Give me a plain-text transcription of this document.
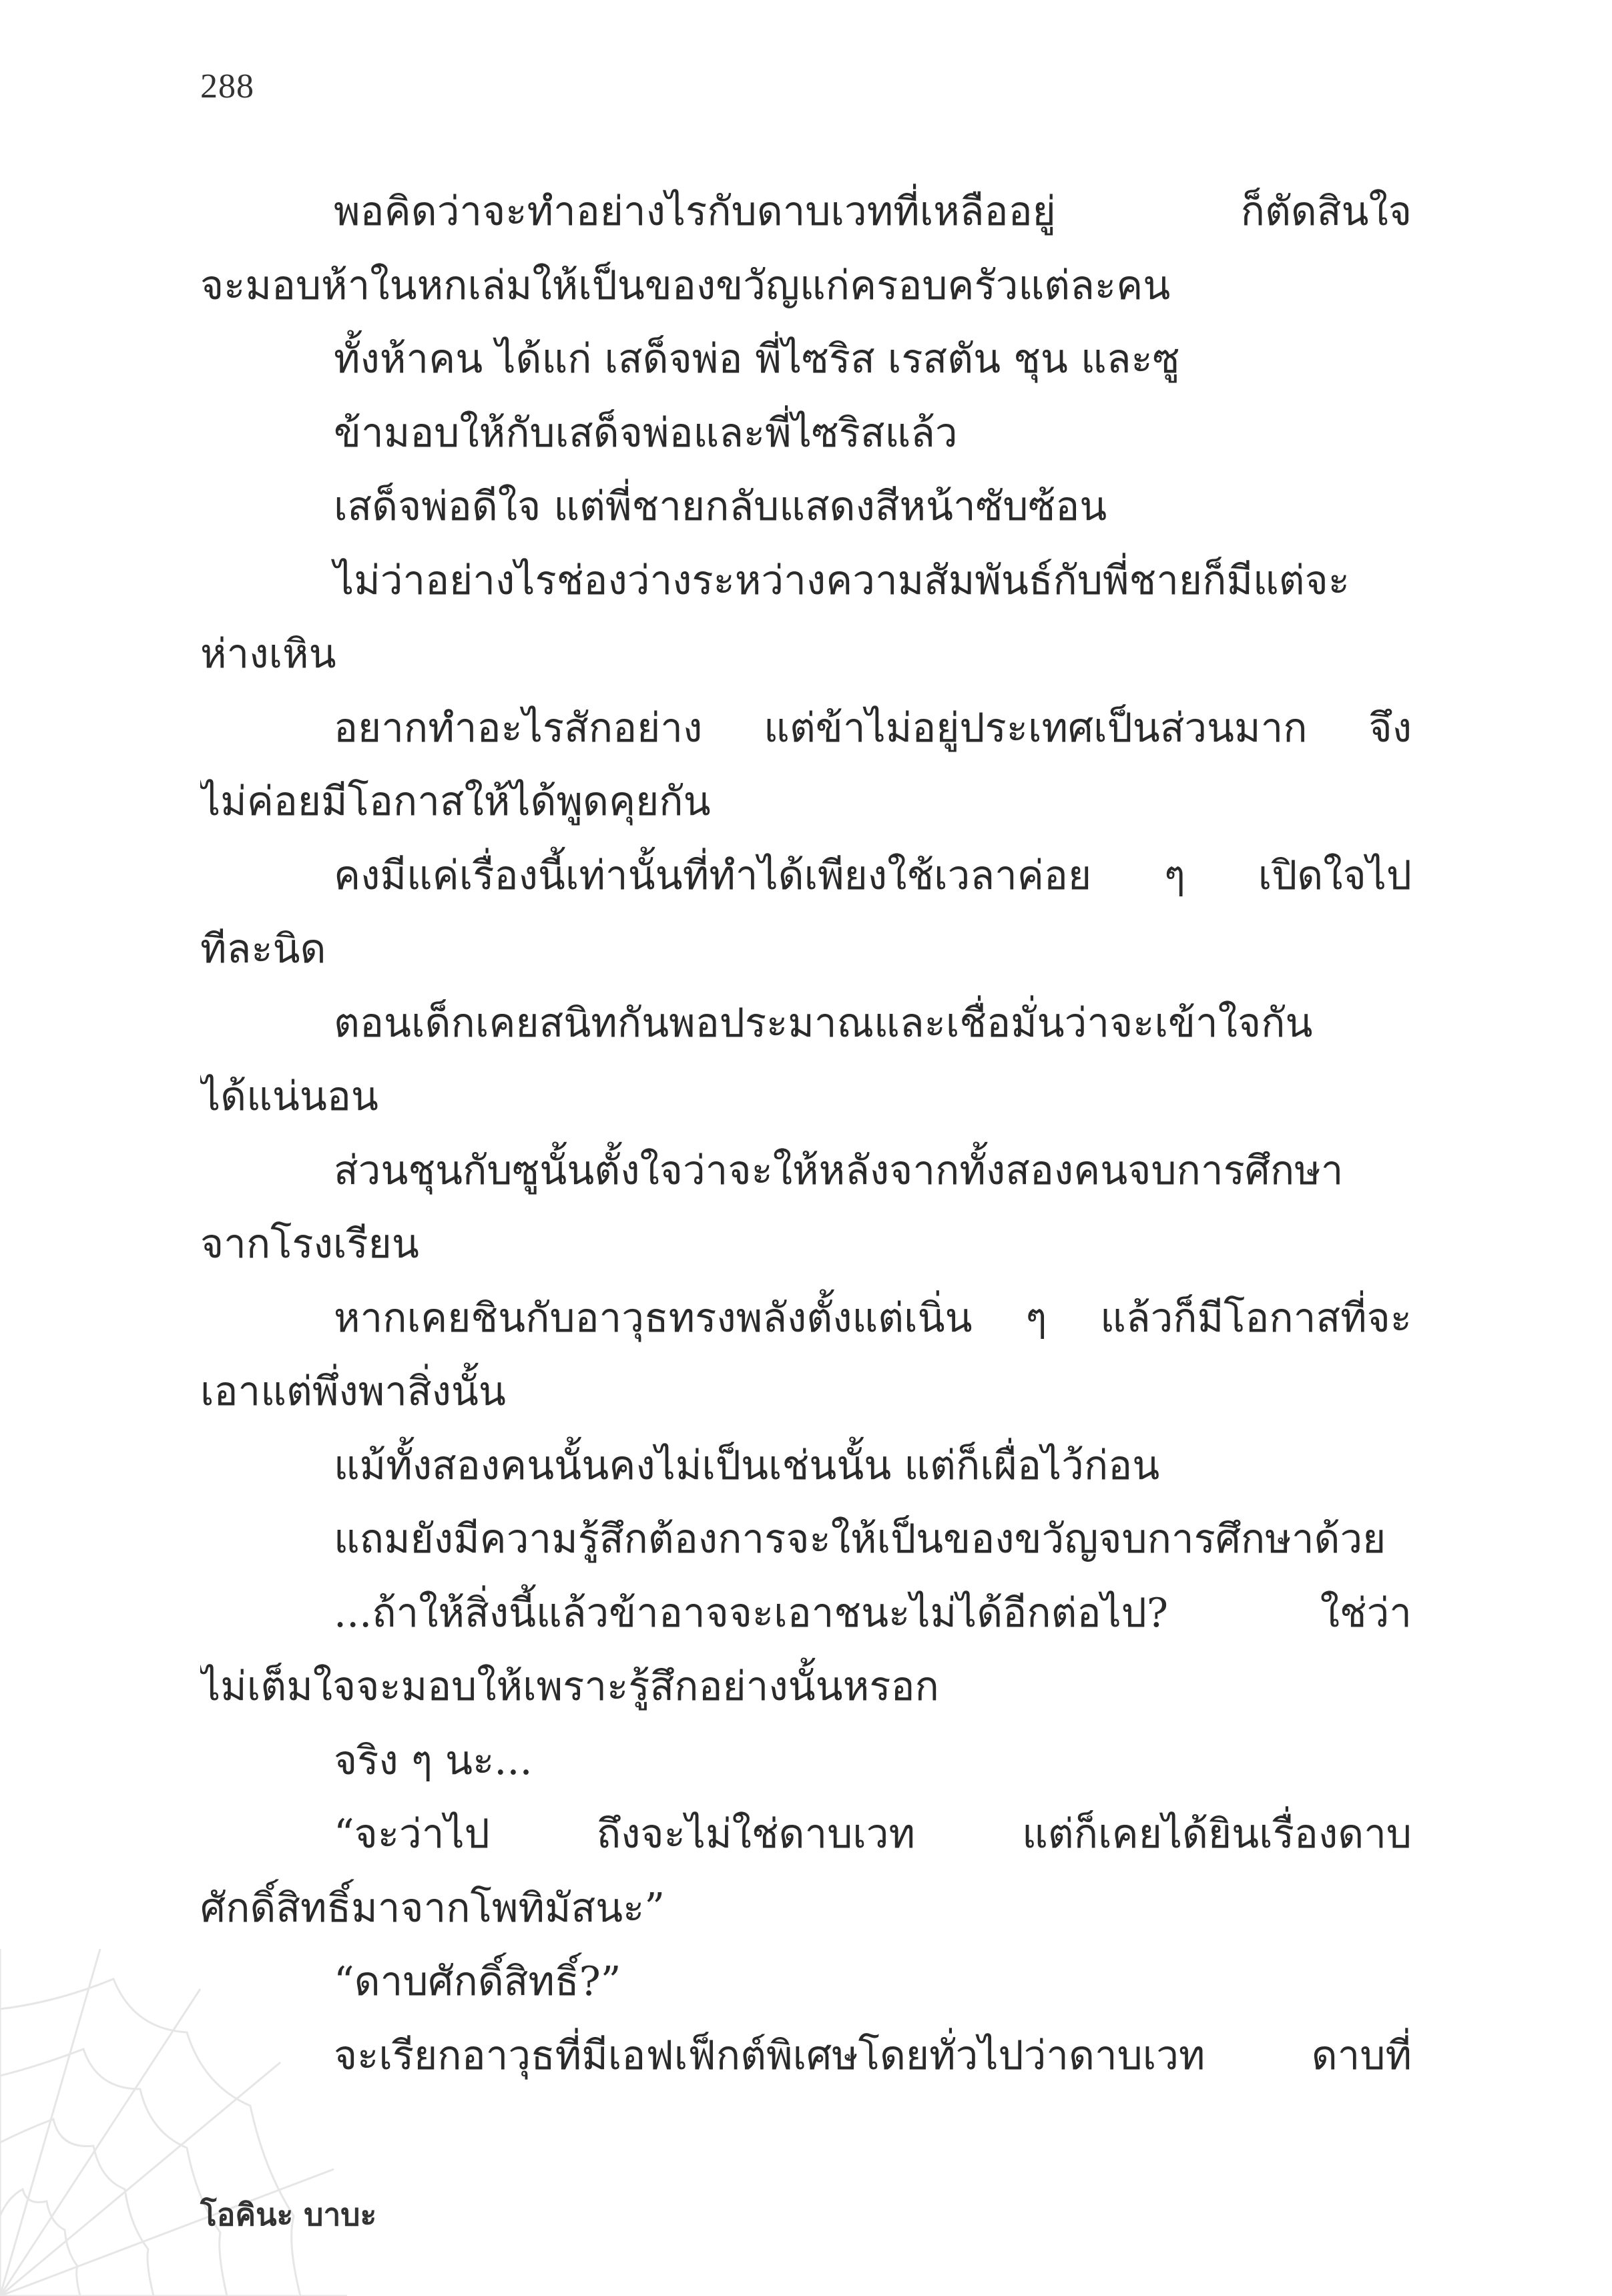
288
พอคิดว่าจะทำอย่างไรกับดาบเวทที่เหลืออยู่ ก็ตัดสินใจ
จะมอบห้าในหกเล่มให้เป็นของขวัญแก่ครอบครัวแต่ละคน
ทั้งห้าคน ได้แก่ เสด็จพ่อ พี่ไซริส เรสตัน ชุน และซู
ข้ามอบให้กับเสด็จพ่อและพี่ไซริสแล้ว
เสด็จพ่อดีใจ แต่พี่ชายกลับแสดงสีหน้าซับซ้อน
ไม่ว่าอย่างไรช่องว่างระหว่างความสัมพันธ์กับพี่ชายก็มีแต่จะ
ห่างเหิน
อยากทำอะไรสักอย่าง แต่ข้าไม่อยู่ประเทศเป็นส่วนมาก จึง
ไม่ค่อยมีโอกาสให้ได้พูดคุยกัน
คงมีแค่เรื่องนี้เท่านั้นที่ทำได้เพียงใช้เวลาค่อย ๆ เปิดใจไป
ทีละนิด
ตอนเด็กเคยสนิทกันพอประมาณและเชื่อมั่นว่าจะเข้าใจกัน
ได้แน่นอน
ส่วนชุนกับซูนั้นตั้งใจว่าจะให้หลังจากทั้งสองคนจบการศึกษา
จากโรงเรียน
หากเคยชินกับอาวุธทรงพลังตั้งแต่เนิ่น ๆ แล้วก็มีโอกาสที่จะ
เอาแต่พึ่งพาสิ่งนั้น
แม้ทั้งสองคนนั้นคงไม่เป็นเช่นนั้น แต่ก็เผื่อไว้ก่อน
แถมยังมีความรู้สึกต้องการจะให้เป็นของขวัญจบการศึกษาด้วย
...ถ้าให้สิ่งนี้แล้วข้าอาจจะเอาชนะไม่ได้อีกต่อไป? ใช่ว่า
ไม่เต็มใจจะมอบให้เพราะรู้สึกอย่างนั้นหรอก
จริง ๆ นะ...
“จะว่าไป ถึงจะไม่ใช่ดาบเวท แต่ก็เคยได้ยินเรื่องดาบ
ศักดิ์สิทธิ์มาจากโพทิมัสนะ”
“ดาบศักดิ์สิทธิ์?”
จะเรียกอาวุธที่มีเอฟเฟ็กต์พิเศษโดยทั่วไปว่าดาบเวท ดาบที่
โอคินะ บาบะ
